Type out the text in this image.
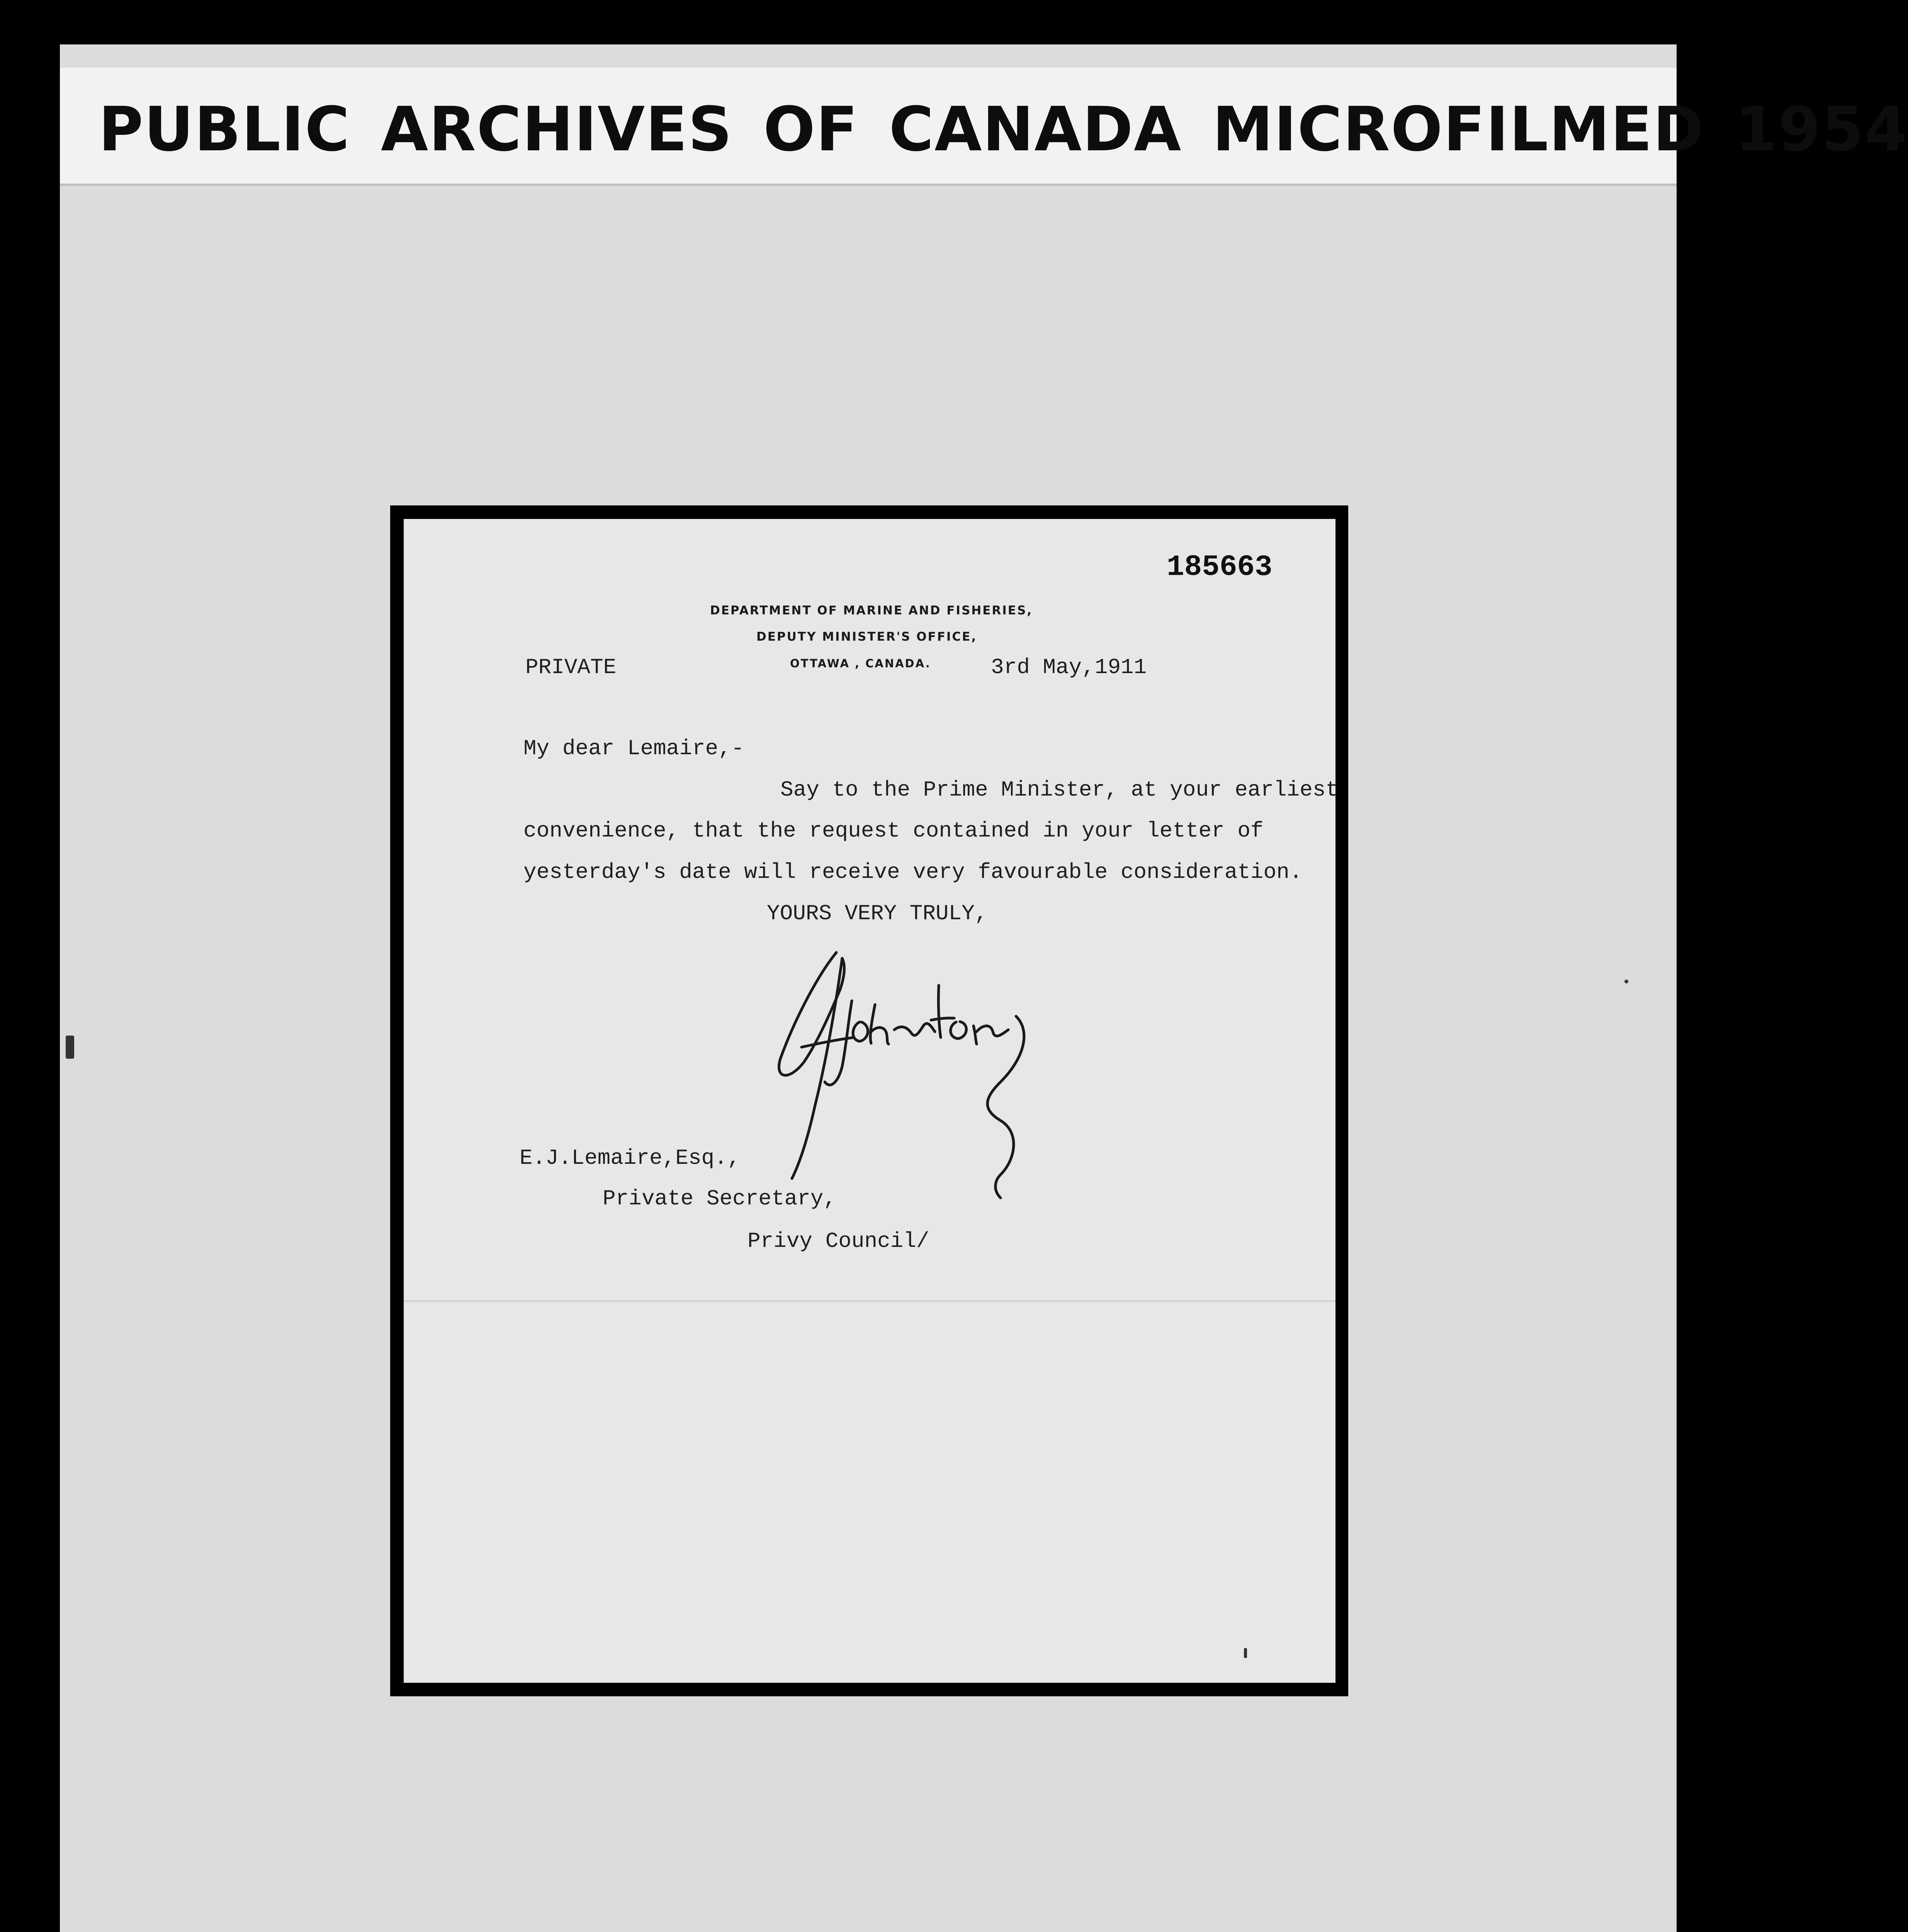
PUBLIC ARCHIVES OF CANADA MICROFILMED 1954
185663
DEPARTMENT OF MARINE AND FISHERIES,
DEPUTY MINISTER'S OFFICE,
OTTAWA , CANADA.
PRIVATE	3rd May,1911
My dear Lemaire,-
Say to the Prime Minister, at your earliest
convenience, that the request contained in your letter of
yesterday's date will receive very favourable consideration.
YOURS VERY TRULY,
E.J.Lemaire,Esq.,
Private Secretary,
Privy Council/
